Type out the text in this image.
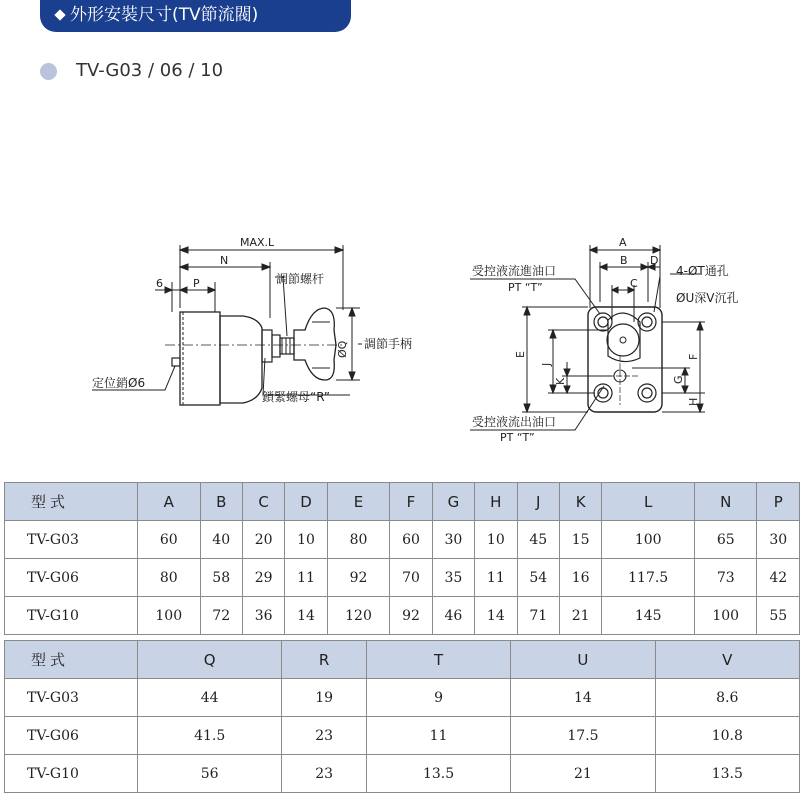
外形安裝尺寸(TV節流閥)
TV-G03 / 06 / 10
MAX.L
N
6	P	調節螺杆
ØQ 調節手柄
定位銷Ø6
鎖緊螺母“R”
A
B D
C
E
J
K
F
G
H
受控液流進油口
PT “T”
4-ØT通孔
ØU深V沉孔
受控液流出油口
PT “T”
型式	A	B	C	D	E	F	G	H	J	K	L	N	P
TV-G03	60	40	20	10	80	60	30	10	45	15	100	65	30
TV-G06	80	58	29	11	92	70	35	11	54	16	117.5	73	42
TV-G10	100	72	36	14	120	92	46	14	71	21	145	100	55
型式	Q	R	T	U	V
TV-G03	44	19	9	14	8.6
TV-G06	41.5	23	11	17.5	10.8
TV-G10	56	23	13.5	21	13.5
